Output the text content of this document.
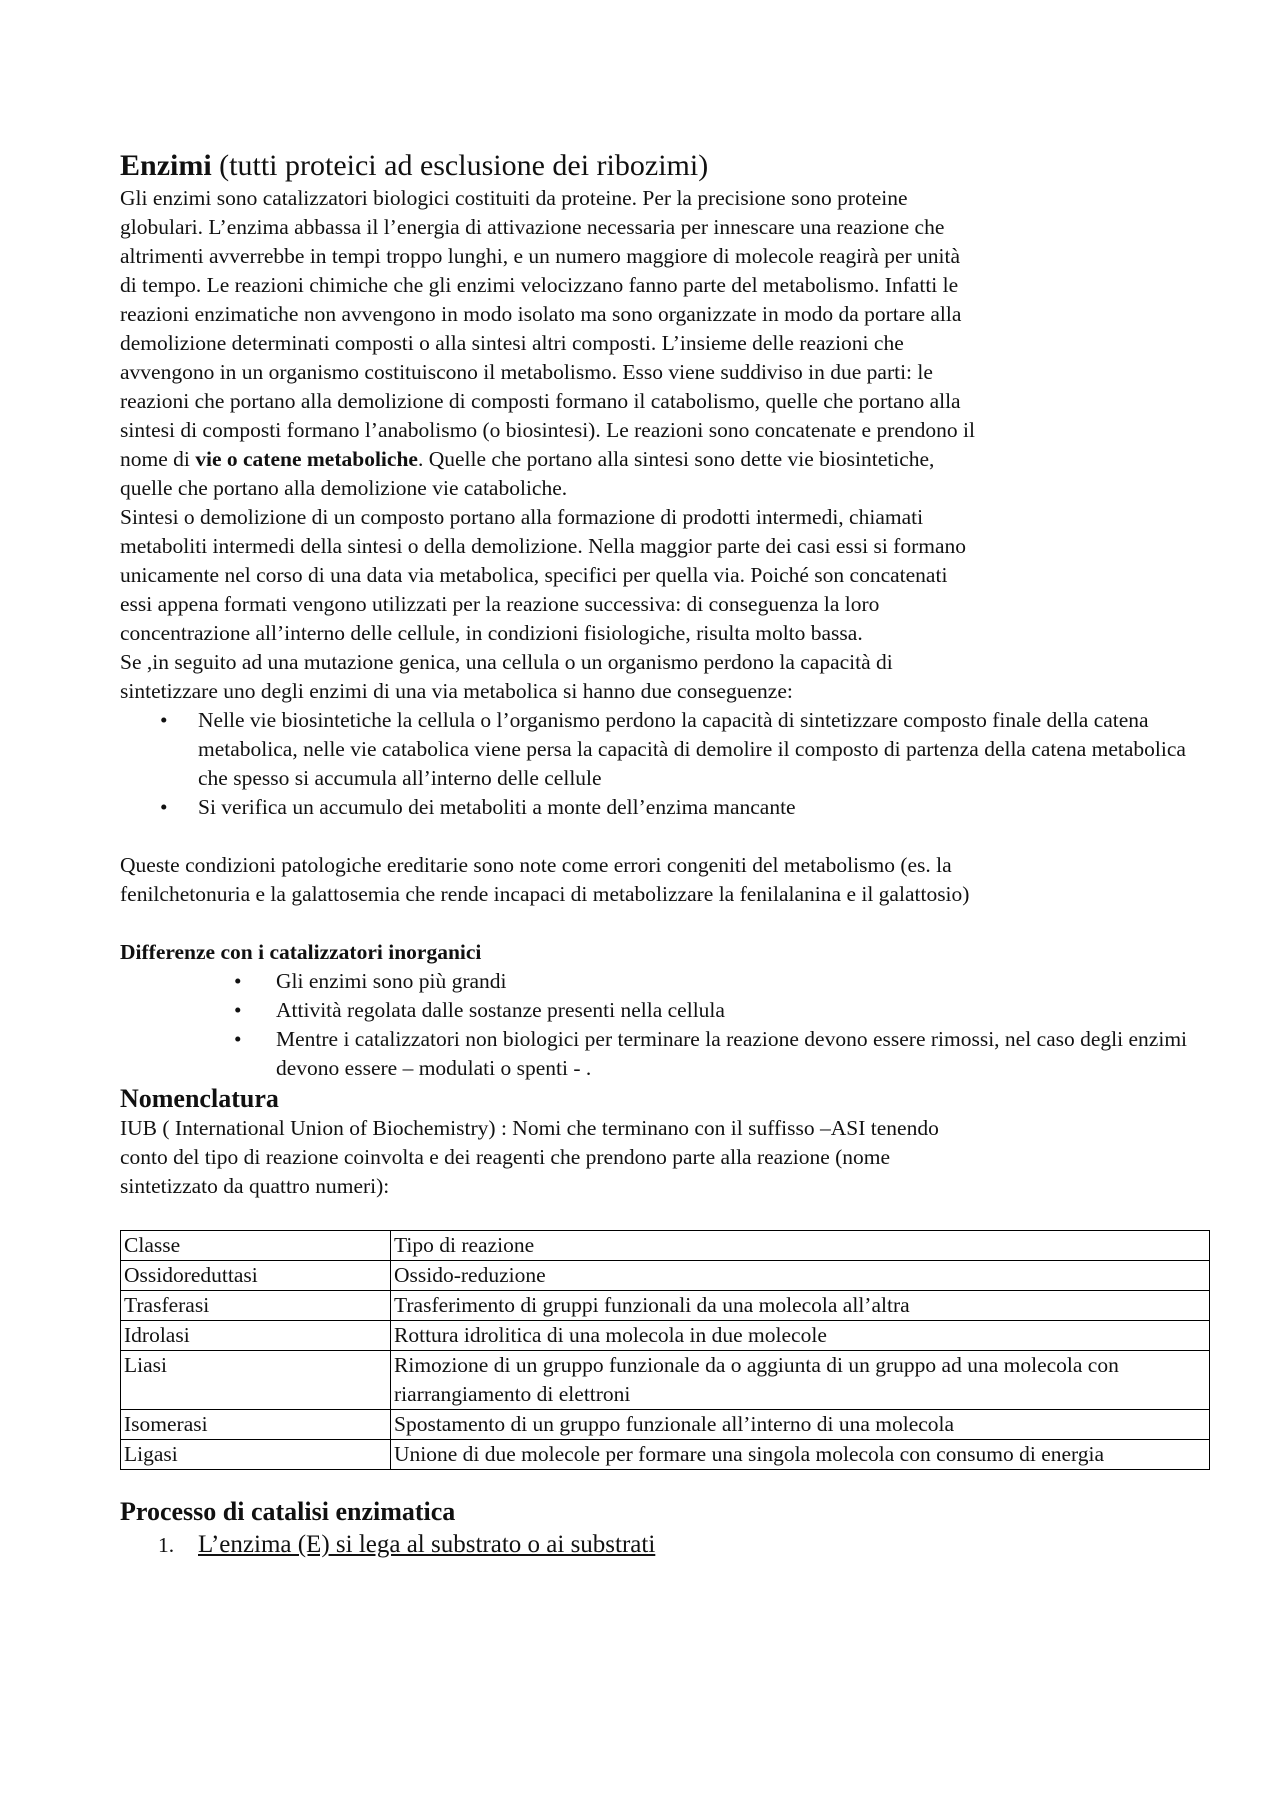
Enzimi (tutti proteici ad esclusione dei ribozimi)

Gli enzimi sono catalizzatori biologici costituiti da proteine. Per la precisione sono proteine

globulari. L’enzima abbassa il l’energia di attivazione necessaria per innescare una reazione che

altrimenti avverrebbe in tempi troppo lunghi, e un numero maggiore di molecole reagirà per unità

di tempo. Le reazioni chimiche che gli enzimi velocizzano fanno parte del metabolismo. Infatti le

reazioni enzimatiche non avvengono in modo isolato ma sono organizzate in modo da portare alla

demolizione determinati composti o alla sintesi altri composti. L’insieme delle reazioni che

avvengono in un organismo costituiscono il metabolismo. Esso viene suddiviso in due parti: le

reazioni che portano alla demolizione di composti formano il catabolismo, quelle che portano alla

sintesi di composti formano l’anabolismo (o biosintesi). Le reazioni sono concatenate e prendono il

nome di vie o catene metaboliche. Quelle che portano alla sintesi sono dette vie biosintetiche,

quelle che portano alla demolizione vie cataboliche.

Sintesi o demolizione di un composto portano alla formazione di prodotti intermedi, chiamati

metaboliti intermedi della sintesi o della demolizione. Nella maggior parte dei casi essi si formano

unicamente nel corso di una data via metabolica, specifici per quella via. Poiché son concatenati

essi appena formati vengono utilizzati per la reazione successiva: di conseguenza la loro

concentrazione all’interno delle cellule, in condizioni fisiologiche, risulta molto bassa.

Se ,in seguito ad una mutazione genica, una cellula o un organismo perdono la capacità di

sintetizzare uno degli enzimi di una via metabolica si hanno due conseguenze:

• Nelle vie biosintetiche la cellula o l’organismo perdono la capacità di sintetizzare composto finale della catena metabolica, nelle vie catabolica viene persa la capacità di demolire il composto di partenza della catena metabolica che spesso si accumula all’interno delle cellule
• Si verifica un accumulo dei metaboliti a monte dell’enzima mancante

Queste condizioni patologiche ereditarie sono note come errori congeniti del metabolismo (es. la

fenilchetonuria e la galattosemia che rende incapaci di metabolizzare la fenilalanina e il galattosio)

Differenze con i catalizzatori inorganici
• Gli enzimi sono più grandi
• Attività regolata dalle sostanze presenti nella cellula
• Mentre i catalizzatori non biologici per terminare la reazione devono essere rimossi, nel caso degli enzimi devono essere – modulati o spenti - .
Nomenclatura

IUB ( International Union of Biochemistry) : Nomi che terminano con il suffisso –ASI tenendo

conto del tipo di reazione coinvolta e dei reagenti che prendono parte alla reazione (nome

sintetizzato da quattro numeri):

Classe	Tipo di reazione
Ossidoreduttasi	Ossido-reduzione
Trasferasi	Trasferimento di gruppi funzionali da una molecola all’altra
Idrolasi	Rottura idrolitica di una molecola in due molecole
Liasi	Rimozione di un gruppo funzionale da o aggiunta di un gruppo ad una molecola con riarrangiamento di elettroni
Isomerasi	Spostamento di un gruppo funzionale all’interno di una molecola
Ligasi	Unione di due molecole per formare una singola molecola con consumo di energia
Processo di catalisi enzimatica
1. L’enzima (E) si lega al substrato o ai substrati
